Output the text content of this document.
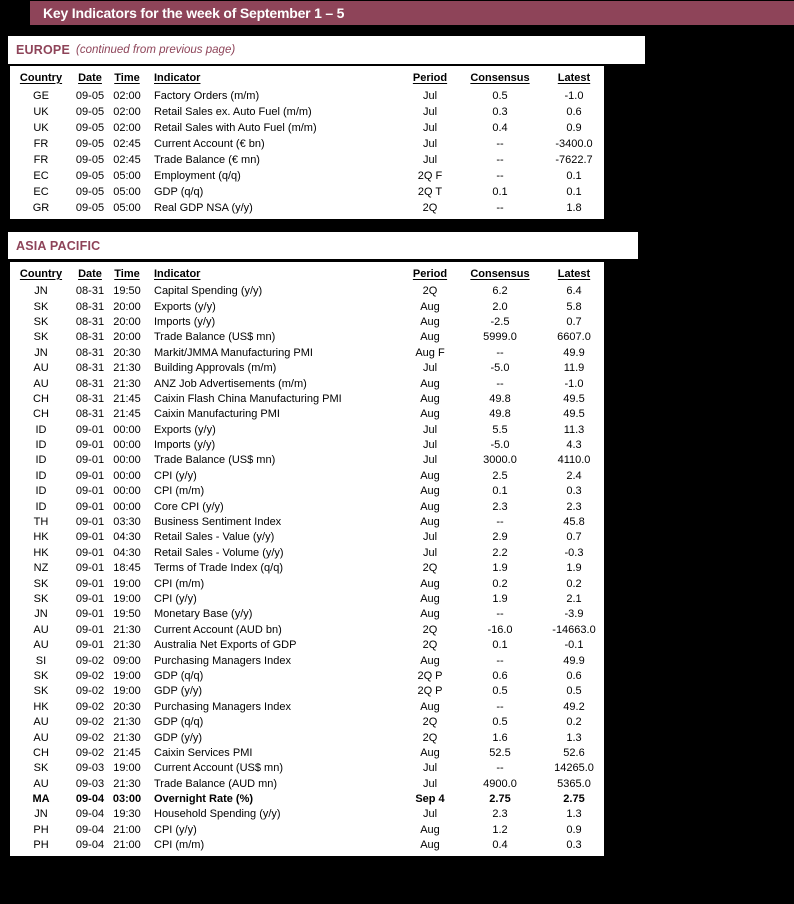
Key Indicators for the week of September 1 – 5
EUROPE (continued from previous page)
Country	Date	Time	Indicator	Period	Consensus	Latest
GE	09-05 02:00	Factory Orders (m/m)	Jul	0.5	-1.0
UK	09-05 02:00	Retail Sales ex. Auto Fuel (m/m)	Jul	0.3	0.6
UK	09-05 02:00	Retail Sales with Auto Fuel (m/m)	Jul	0.4	0.9
FR	09-05 02:45	Current Account (€ bn)	Jul	--	-3400.0
FR	09-05 02:45	Trade Balance (€ mn)	Jul	--	-7622.7
EC	09-05 05:00	Employment (q/q)	2Q F	--	0.1
EC	09-05 05:00	GDP (q/q)	2Q T	0.1	0.1
GR	09-05 05:00	Real GDP NSA (y/y)	2Q	--	1.8
ASIA PACIFIC
Country	Date	Time	Indicator	Period	Consensus	Latest
JN	08-31 19:50	Capital Spending (y/y)	2Q	6.2	6.4
SK	08-31 20:00	Exports (y/y)	Aug	2.0	5.8
SK	08-31 20:00	Imports (y/y)	Aug	-2.5	0.7
SK	08-31 20:00	Trade Balance (US$ mn)	Aug	5999.0	6607.0
JN	08-31 20:30	Markit/JMMA Manufacturing PMI	Aug F	--	49.9
AU	08-31 21:30	Building Approvals (m/m)	Jul	-5.0	11.9
AU	08-31 21:30	ANZ Job Advertisements (m/m)	Aug	--	-1.0
CH	08-31 21:45	Caixin Flash China Manufacturing PMI	Aug	49.8	49.5
CH	08-31 21:45	Caixin Manufacturing PMI	Aug	49.8	49.5
ID	09-01 00:00	Exports (y/y)	Jul	5.5	11.3
ID	09-01 00:00	Imports (y/y)	Jul	-5.0	4.3
ID	09-01 00:00	Trade Balance (US$ mn)	Jul	3000.0	4110.0
ID	09-01 00:00	CPI (y/y)	Aug	2.5	2.4
ID	09-01 00:00	CPI (m/m)	Aug	0.1	0.3
ID	09-01 00:00	Core CPI (y/y)	Aug	2.3	2.3
TH	09-01 03:30	Business Sentiment Index	Aug	--	45.8
HK	09-01 04:30	Retail Sales - Value (y/y)	Jul	2.9	0.7
HK	09-01 04:30	Retail Sales - Volume (y/y)	Jul	2.2	-0.3
NZ	09-01 18:45	Terms of Trade Index (q/q)	2Q	1.9	1.9
SK	09-01 19:00	CPI (m/m)	Aug	0.2	0.2
SK	09-01 19:00	CPI (y/y)	Aug	1.9	2.1
JN	09-01 19:50	Monetary Base (y/y)	Aug	--	-3.9
AU	09-01 21:30	Current Account (AUD bn)	2Q	-16.0	-14663.0
AU	09-01 21:30	Australia Net Exports of GDP	2Q	0.1	-0.1
SI	09-02 09:00	Purchasing Managers Index	Aug	--	49.9
SK	09-02 19:00	GDP (q/q)	2Q P	0.6	0.6
SK	09-02 19:00	GDP (y/y)	2Q P	0.5	0.5
HK	09-02 20:30	Purchasing Managers Index	Aug	--	49.2
AU	09-02 21:30	GDP (q/q)	2Q	0.5	0.2
AU	09-02 21:30	GDP (y/y)	2Q	1.6	1.3
CH	09-02 21:45	Caixin Services PMI	Aug	52.5	52.6
SK	09-03 19:00	Current Account (US$ mn)	Jul	--	14265.0
AU	09-03 21:30	Trade Balance (AUD mn)	Jul	4900.0	5365.0
MA	09-04 03:00	Overnight Rate (%)	Sep 4	2.75	2.75
JN	09-04 19:30	Household Spending (y/y)	Jul	2.3	1.3
PH	09-04 21:00	CPI (y/y)	Aug	1.2	0.9
PH	09-04 21:00	CPI (m/m)	Aug	0.4	0.3
